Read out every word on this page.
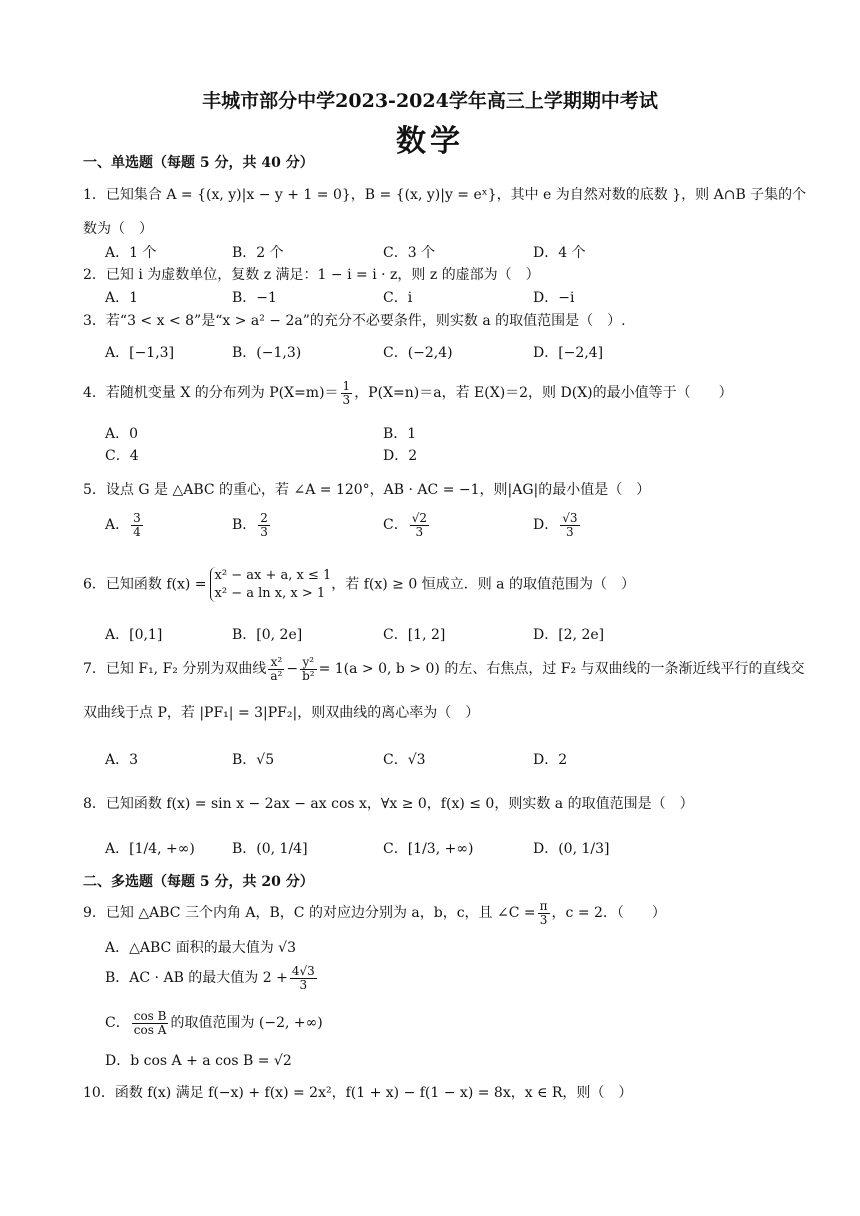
丰城市部分中学2023-2024学年高三上学期期中考试
数学
一、单选题（每题 5 分，共 40 分）
1．已知集合 A = {(x, y)|x − y + 1 = 0}，B = {(x, y)|y = eˣ}，其中 e 为自然对数的底数 }，则 A∩B 子集的个
数为（　）
A．1 个	B．2 个	C．3 个	D．4 个
2．已知 i 为虚数单位，复数 z 满足：1 − i = i · z，则 z 的虚部为（　）
A．1	B．−1	C．i	D．−i
3．若“3 < x < 8”是“x > a² − 2a”的充分不必要条件，则实数 a 的取值范围是（　）.
A．[−1,3]	B．(−1,3)	C．(−2,4)	D．[−2,4]
4．若随机变量 X 的分布列为 $P(X=m)= \frac{1}{3}$ ，P(X=n)＝a，若 E(X)＝2，则 D(X)的最小值等于（　　）
A．0	B．1
C．4	D．2
5．设点 G 是 △ABC 的重心，若 ∠A = 120°，AB · AC = −1，则|AG|的最小值是（　）
A． $\frac{3}{4}$	B． $\frac{2}{3}$	C． $\frac{√2}{3}$	D． $\frac{√3}{3}$
6．已知函数 f(x) =
x² − ax + a, x ≤ 1
x² − a ln x, x > 1
，若 f(x) ≥ 0 恒成立．则 a 的取值范围为（　）
A．[0,1]	B．[0, 2e]	C．[1, 2]	D．[2, 2e]
7．已知 F₁, F₂ 分别为双曲线 $\frac{\text{x²}}{\text{a²}} - \frac{\text{y²}}{\text{b²}} = 1(a > 0$, b > 0) 的左、右焦点，过 F₂ 与双曲线的一条渐近线平行的直线交
双曲线于点 P，若 |PF₁| = 3|PF₂|，则双曲线的离心率为（　）
A．3	B．√5	C．√3	D．2
8．已知函数 f(x) = sin x − 2ax − ax cos x，∀x ≥ 0，f(x) ≤ 0，则实数 a 的取值范围是（　）
A．[1/4, +∞)	B．(0, 1/4]	C．[1/3, +∞)	D．(0, 1/3]
二、多选题（每题 5 分，共 20 分）
9．已知 △ABC 三个内角 A，B，C 的对应边分别为 a，b，c，且 ∠C = $\frac{\pi}{3}$ ，c = 2．（　　）
A．△ABC 面积的最大值为 √3
B．AC · AB 的最大值为 $2 + \frac{4√3}{3}$
C． $\frac{\text{cos B}}{\text{cos A}}$ 的取值范围为 (−2, +∞)
D．b cos A + a cos B = √2
10．函数 f(x) 满足 f(−x) + f(x) = 2x²，f(1 + x) − f(1 − x) = 8x，x ∈ R，则（　）
